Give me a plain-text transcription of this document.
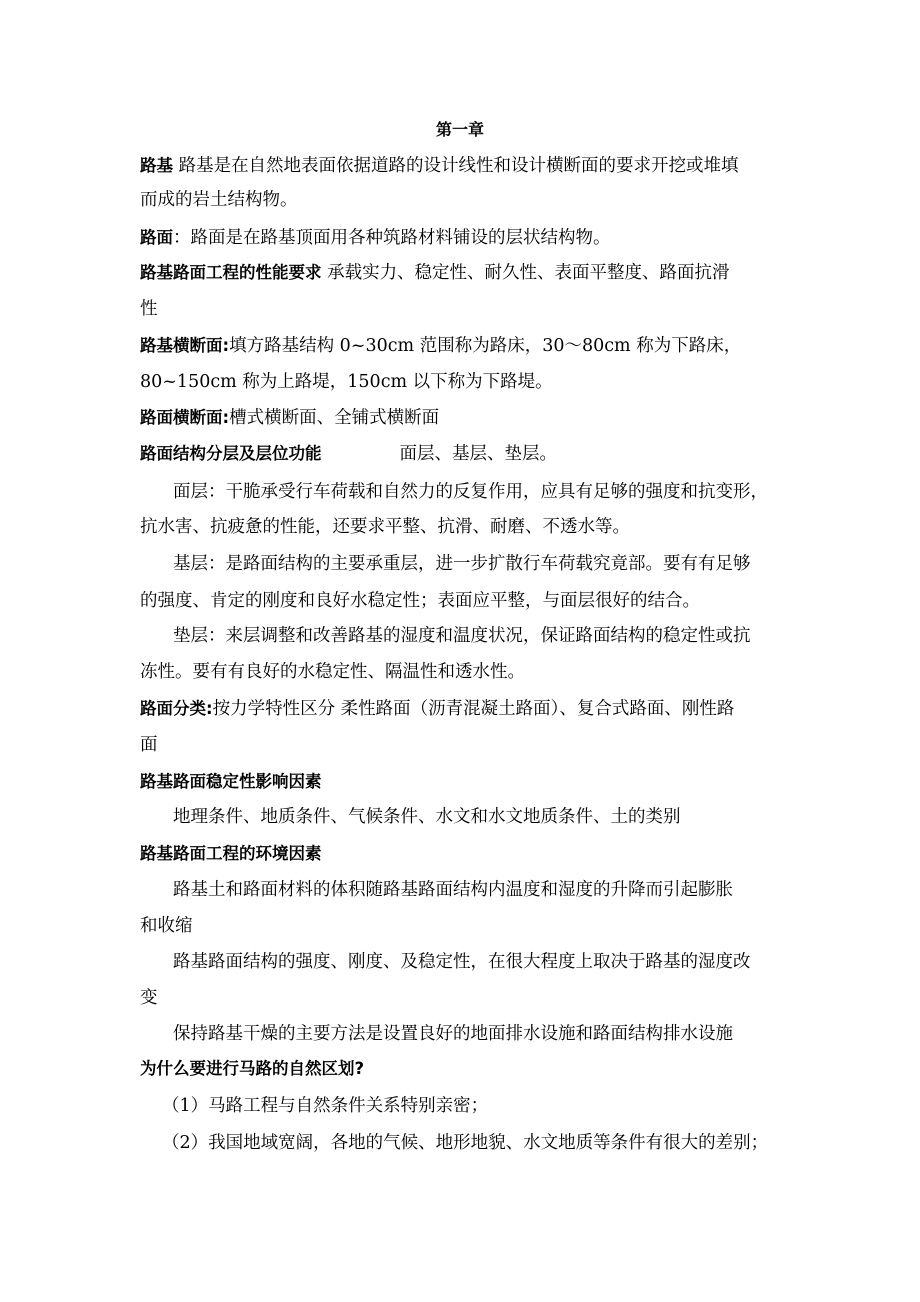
第一章
路基 路基是在自然地表面依据道路的设计线性和设计横断面的要求开挖或堆填
而成的岩土结构物。
路面：路面是在路基顶面用各种筑路材料铺设的层状结构物。
路基路面工程的性能要求 承载实力、稳定性、耐久性、表面平整度、路面抗滑
性
路基横断面:填方路基结构 0~30cm 范围称为路床，30～80cm 称为下路床，
80~150cm 称为上路堤，150cm 以下称为下路堤。
路面横断面:槽式横断面、全铺式横断面
路面结构分层及层位功能	面层、基层、垫层。
面层：干脆承受行车荷载和自然力的反复作用，应具有足够的强度和抗变形，
抗水害、抗疲惫的性能，还要求平整、抗滑、耐磨、不透水等。
基层：是路面结构的主要承重层，进一步扩散行车荷载究竟部。要有有足够
的强度、肯定的刚度和良好水稳定性；表面应平整，与面层很好的结合。
垫层：来层调整和改善路基的湿度和温度状况，保证路面结构的稳定性或抗
冻性。要有有良好的水稳定性、隔温性和透水性。
路面分类:按力学特性区分 柔性路面（沥青混凝土路面）、复合式路面、刚性路
面
路基路面稳定性影响因素
地理条件、地质条件、气候条件、水文和水文地质条件、土的类别
路基路面工程的环境因素
路基土和路面材料的体积随路基路面结构内温度和湿度的升降而引起膨胀
和收缩
路基路面结构的强度、刚度、及稳定性，在很大程度上取决于路基的湿度改
变
保持路基干燥的主要方法是设置良好的地面排水设施和路面结构排水设施
为什么要进行马路的自然区划?
（1）马路工程与自然条件关系特别亲密；
（2）我国地域宽阔，各地的气候、地形地貌、水文地质等条件有很大的差别；
